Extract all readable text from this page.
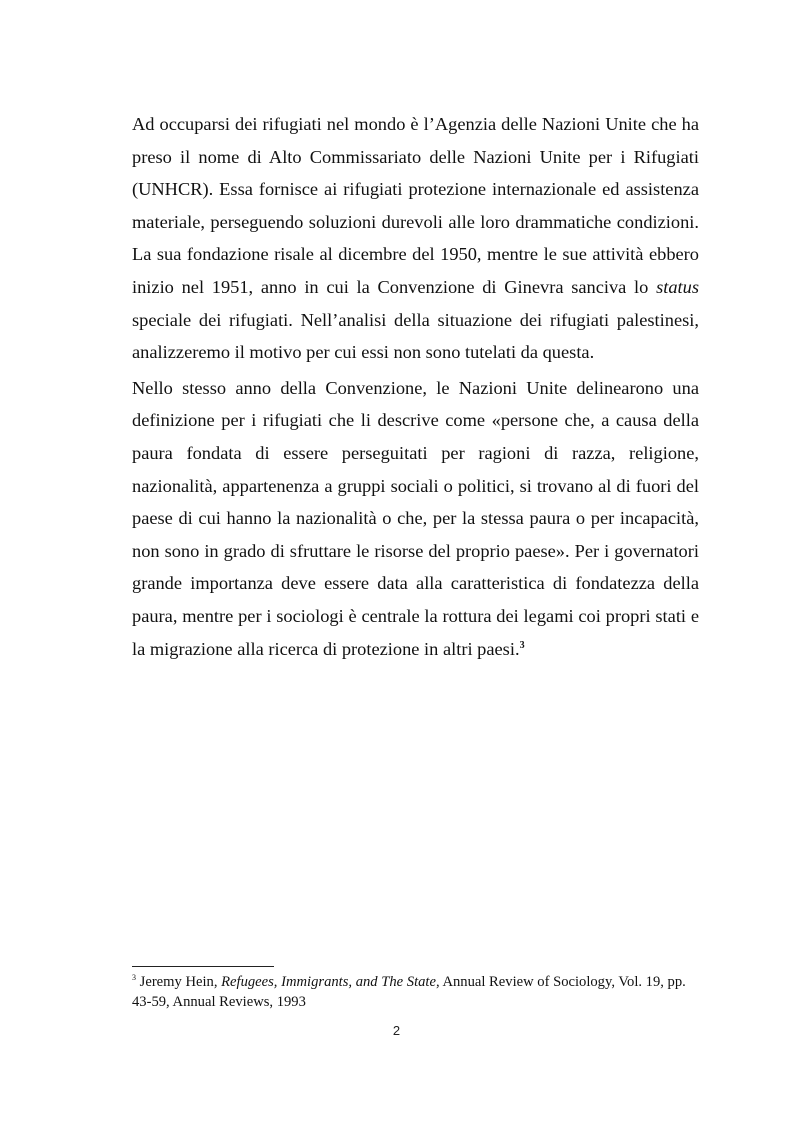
Ad occuparsi dei rifugiati nel mondo è l’Agenzia delle Nazioni Unite che ha preso il nome di Alto Commissariato delle Nazioni Unite per i Rifugiati (UNHCR). Essa fornisce ai rifugiati protezione internazionale ed assistenza materiale, perseguendo soluzioni durevoli alle loro drammatiche condizioni. La sua fondazione risale al dicembre del 1950, mentre le sue attività ebbero inizio nel 1951, anno in cui la Convenzione di Ginevra sanciva lo status speciale dei rifugiati. Nell’analisi della situazione dei rifugiati palestinesi, analizzeremo il motivo per cui essi non sono tutelati da questa.

Nello stesso anno della Convenzione, le Nazioni Unite delinearono una definizione per i rifugiati che li descrive come «persone che, a causa della paura fondata di essere perseguitati per ragioni di razza, religione, nazionalità, appartenenza a gruppi sociali o politici, si trovano al di fuori del paese di cui hanno la nazionalità o che, per la stessa paura o per incapacità, non sono in grado di sfruttare le risorse del proprio paese». Per i governatori grande importanza deve essere data alla caratteristica di fondatezza della paura, mentre per i sociologi è centrale la rottura dei legami coi propri stati e la migrazione alla ricerca di protezione in altri paesi.$^3$

$^3$ Jeremy Hein, Refugees, Immigrants, and The State, Annual Review of Sociology, Vol. 19, pp. 43-59, Annual Reviews, 1993
2
